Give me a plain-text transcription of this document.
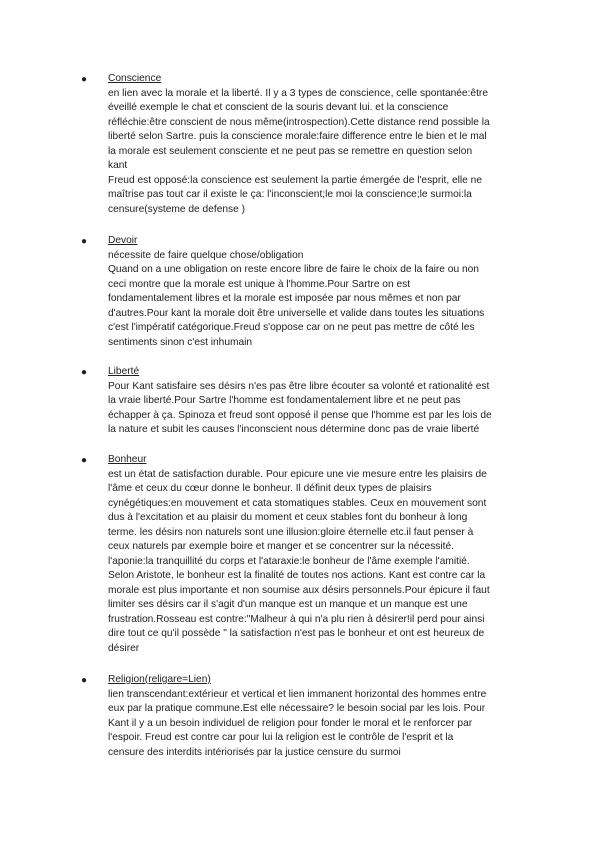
● Conscience
en lien avec la morale et la liberté. Il y a 3 types de conscience, celle spontanée:être
éveillé exemple le chat et conscient de la souris devant lui. et la conscience
réfléchie:être conscient de nous même(introspection).Cette distance rend possible la
liberté selon Sartre. puis la conscience morale:faire difference entre le bien et le mal
la morale est seulement consciente et ne peut pas se remettre en question selon
kant
Freud est opposé:la conscience est seulement la partie émergée de l'esprit, elle ne
maîtrise pas tout car il existe le ça: l'inconscient;le moi la conscience;le surmoi:la
censure(systeme de defense )
● Devoir
nécessite de faire quelque chose/obligation
Quand on a une obligation on reste encore libre de faire le choix de la faire ou non
ceci montre que la morale est unique à l'homme.Pour Sartre on est
fondamentalement libres et la morale est imposée par nous mêmes et non par
d'autres.Pour kant la morale doit être universelle et valide dans toutes les situations
c'est l'impératif catégorique.Freud s'oppose car on ne peut pas mettre de côté les
sentiments sinon c'est inhumain
● Liberté
Pour Kant satisfaire ses désirs n'es pas être libre écouter sa volonté et rationalité est
la vraie liberté.Pour Sartre l'homme est fondamentalement libre et ne peut pas
échapper à ça. Spinoza et freud sont opposé il pense que l'homme est par les lois de
la nature et subit les causes l'inconscient nous détermine donc pas de vraie liberté
● Bonheur
est un état de satisfaction durable. Pour epicure une vie mesure entre les plaisirs de
l'âme et ceux du cœur donne le bonheur. Il définit deux types de plaisirs
cynégétiques:en mouvement et cata stomatiques stables. Ceux en mouvement sont
dus à l'excitation et au plaisir du moment et ceux stables font du bonheur à long
terme. les désirs non naturels sont une illusion:gloire éternelle etc.il faut penser à
ceux naturels par exemple boire et manger et se concentrer sur la nécessité.
l'aponie:la tranquillité du corps et l'ataraxie:le bonheur de l'âme exemple l'amitié.
Selon Aristote, le bonheur est la finalité de toutes nos actions. Kant est contre car la
morale est plus importante et non soumise aux désirs personnels.Pour épicure il faut
limiter ses désirs car il s'agit d'un manque est un manque et un manque est une
frustration.Rosseau est contre:"Malheur à qui n'a plu rien à désirer!il perd pour ainsi
dire tout ce qu'il possède " la satisfaction n'est pas le bonheur et ont est heureux de
désirer
● Religion(religare=Lien)
lien transcendant:extérieur et vertical et lien immanent horizontal des hommes entre
eux par la pratique commune.Est elle nécessaire? le besoin social par les lois. Pour
Kant il y a un besoin individuel de religion pour fonder le moral et le renforcer par
l'espoir. Freud est contre car pour lui la religion est le contrôle de l'esprit et la
censure des interdits intériorisés par la justice censure du surmoi
